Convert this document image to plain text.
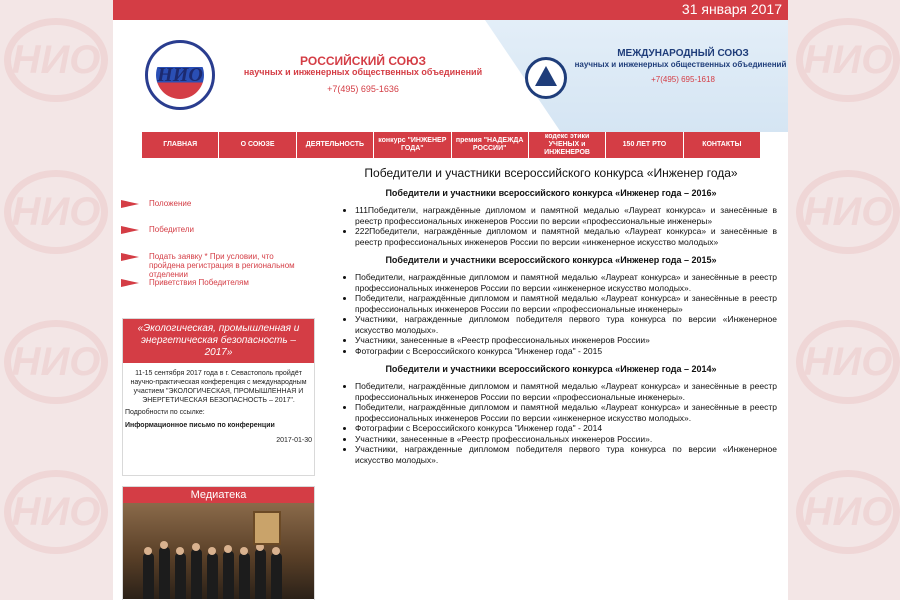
НИО
НИО
НИО
НИО
НИО
НИО
НИО
НИО
31 января 2017
НИО
РОССИЙСКИЙ СОЮЗ
научных и инженерных общественных объединений
+7(495) 695-1636
МЕЖДУНАРОДНЫЙ СОЮЗ
научных и инженерных общественных объединений
+7(495) 695-1618
ГЛАВНАЯ	О СОЮЗЕ	ДЕЯТЕЛЬНОСТЬ
конкурс "ИНЖЕНЕР ГОДА"
премия "НАДЕЖДА РОССИИ"
кодекс этики УЧЕНЫХ и ИНЖЕНЕРОВ
150 ЛЕТ РТО	КОНТАКТЫ
Положение
Победители
Подать заявку * При условии, что пройдена регистрация в региональном отделении
Приветствия Победителям
«Экологическая, промышленная и энергетическая безопасность – 2017»
11-15 сентября 2017 года в г. Севастополь пройдёт научно-практическая конференция с международным участием "ЭКОЛОГИЧЕСКАЯ, ПРОМЫШЛЕННАЯ И ЭНЕРГЕТИЧЕСКАЯ БЕЗОПАСНОСТЬ – 2017".
Подробности по ссылке:
Информационное письмо по конференции
2017-01-30
Медиатека
Победители и участники всероссийского конкурса «Инженер года»
Победители и участники всероссийского конкурса «Инженер года – 2016»
• 111Победители, награждённые дипломом и памятной медалью «Лауреат конкурса» и занесённые в реестр профессиональных инженеров России по версии «профессиональные инженеры»
• 222Победители, награждённые дипломом и памятной медалью «Лауреат конкурса» и занесённые в реестр профессиональных инженеров России по версии «инженерное искусство молодых»
Победители и участники всероссийского конкурса «Инженер года – 2015»
• Победители, награждённые дипломом и памятной медалью «Лауреат конкурса» и занесённые в реестр профессиональных инженеров России по версии «инженерное искусство молодых».
• Победители, награждённые дипломом и памятной медалью «Лауреат конкурса» и занесённые в реестр профессиональных инженеров России по версии «профессиональные инженеры»
• Участники, награжденные дипломом победителя первого тура конкурса по версии «Инженерное искусство молодых».
• Участники, занесенные в «Реестр профессиональных инженеров России»
• Фотографии с Всероссийского конкурса "Инженер года" - 2015
Победители и участники всероссийского конкурса «Инженер года – 2014»
• Победители, награждённые дипломом и памятной медалью «Лауреат конкурса» и занесённые в реестр профессиональных инженеров России по версии «профессиональные инженеры».
• Победители, награждённые дипломом и памятной медалью «Лауреат конкурса» и занесённые в реестр профессиональных инженеров России по версии «инженерное искусство молодых».
• Фотографии с Всероссийского конкурса "Инженер года" - 2014
• Участники, занесенные в «Реестр профессиональных инженеров России».
• Участники, награжденные дипломом победителя первого тура конкурса по версии «Инженерное искусство молодых».
